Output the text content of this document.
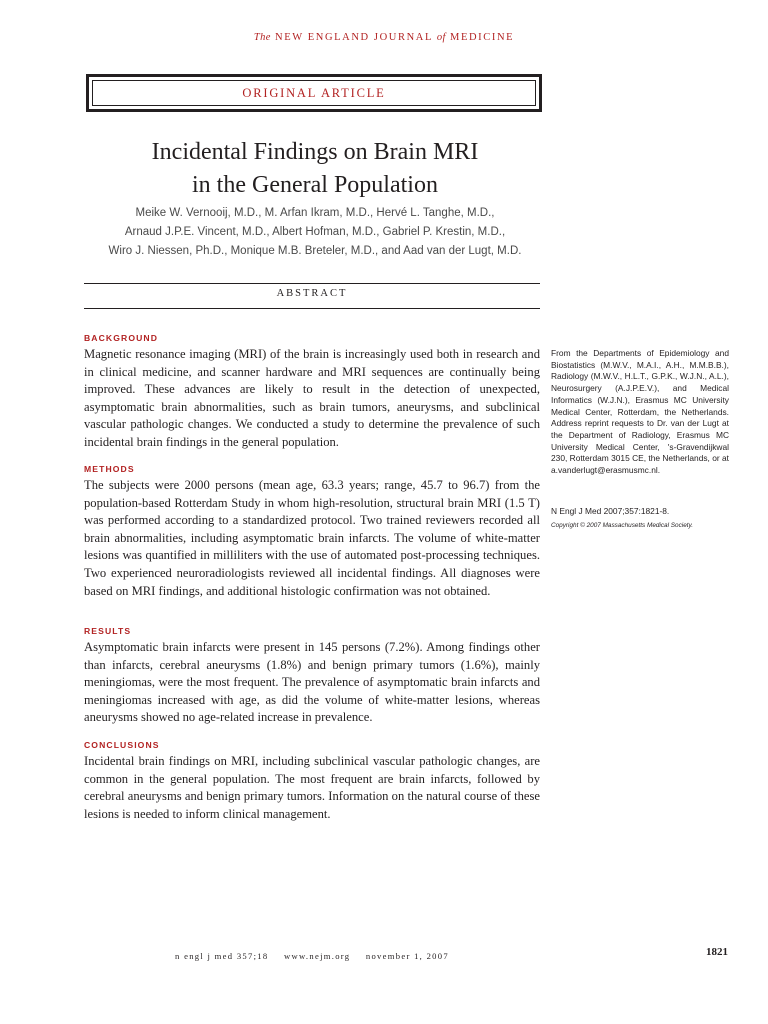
The NEW ENGLAND JOURNAL of MEDICINE
ORIGINAL ARTICLE
Incidental Findings on Brain MRI
in the General Population
Meike W. Vernooij, M.D., M. Arfan Ikram, M.D., Hervé L. Tanghe, M.D.,
Arnaud J.P.E. Vincent, M.D., Albert Hofman, M.D., Gabriel P. Krestin, M.D.,
Wiro J. Niessen, Ph.D., Monique M.B. Breteler, M.D., and Aad van der Lugt, M.D.
ABSTRACT
BACKGROUND

Magnetic resonance imaging (MRI) of the brain is increasingly used both in research and in clinical medicine, and scanner hardware and MRI sequences are continually being improved. These advances are likely to result in the detection of unexpected, asymptomatic brain abnormalities, such as brain tumors, aneurysms, and subclinical vascular pathologic changes. We conducted a study to determine the prevalence of such incidental brain findings in the general population.

METHODS

The subjects were 2000 persons (mean age, 63.3 years; range, 45.7 to 96.7) from the population-based Rotterdam Study in whom high-resolution, structural brain MRI (1.5 T) was performed according to a standardized protocol. Two trained reviewers recorded all brain abnormalities, including asymptomatic brain infarcts. The volume of white-matter lesions was quantified in milliliters with the use of automated post-processing techniques. Two experienced neuroradiologists reviewed all incidental findings. All diagnoses were based on MRI findings, and additional histologic confirmation was not obtained.

RESULTS

Asymptomatic brain infarcts were present in 145 persons (7.2%). Among findings other than infarcts, cerebral aneurysms (1.8%) and benign primary tumors (1.6%), mainly meningiomas, were the most frequent. The prevalence of asymptomatic brain infarcts and meningiomas increased with age, as did the volume of white-matter lesions, whereas aneurysms showed no age-related increase in prevalence.

CONCLUSIONS

Incidental brain findings on MRI, including subclinical vascular pathologic changes, are common in the general population. The most frequent are brain infarcts, followed by cerebral aneurysms and benign primary tumors. Information on the natural course of these lesions is needed to inform clinical management.

From the Departments of Epidemiology and Biostatistics (M.W.V., M.A.I., A.H., M.M.B.B.), Radiology (M.W.V., H.L.T., G.P.K., W.J.N., A.L.), Neurosurgery (A.J.P.E.V.), and Medical Informatics (W.J.N.), Erasmus MC University Medical Center, Rotterdam, the Netherlands. Address reprint requests to Dr. van der Lugt at the Department of Radiology, Erasmus MC University Medical Center, 's-Gravendijkwal 230, Rotterdam 3015 CE, the Netherlands, or at a.vanderlugt@erasmusmc.nl.
N Engl J Med 2007;357:1821-8.
Copyright © 2007 Massachusetts Medical Society.
n engl j med 357;18 www.nejm.org november 1, 2007	1821
